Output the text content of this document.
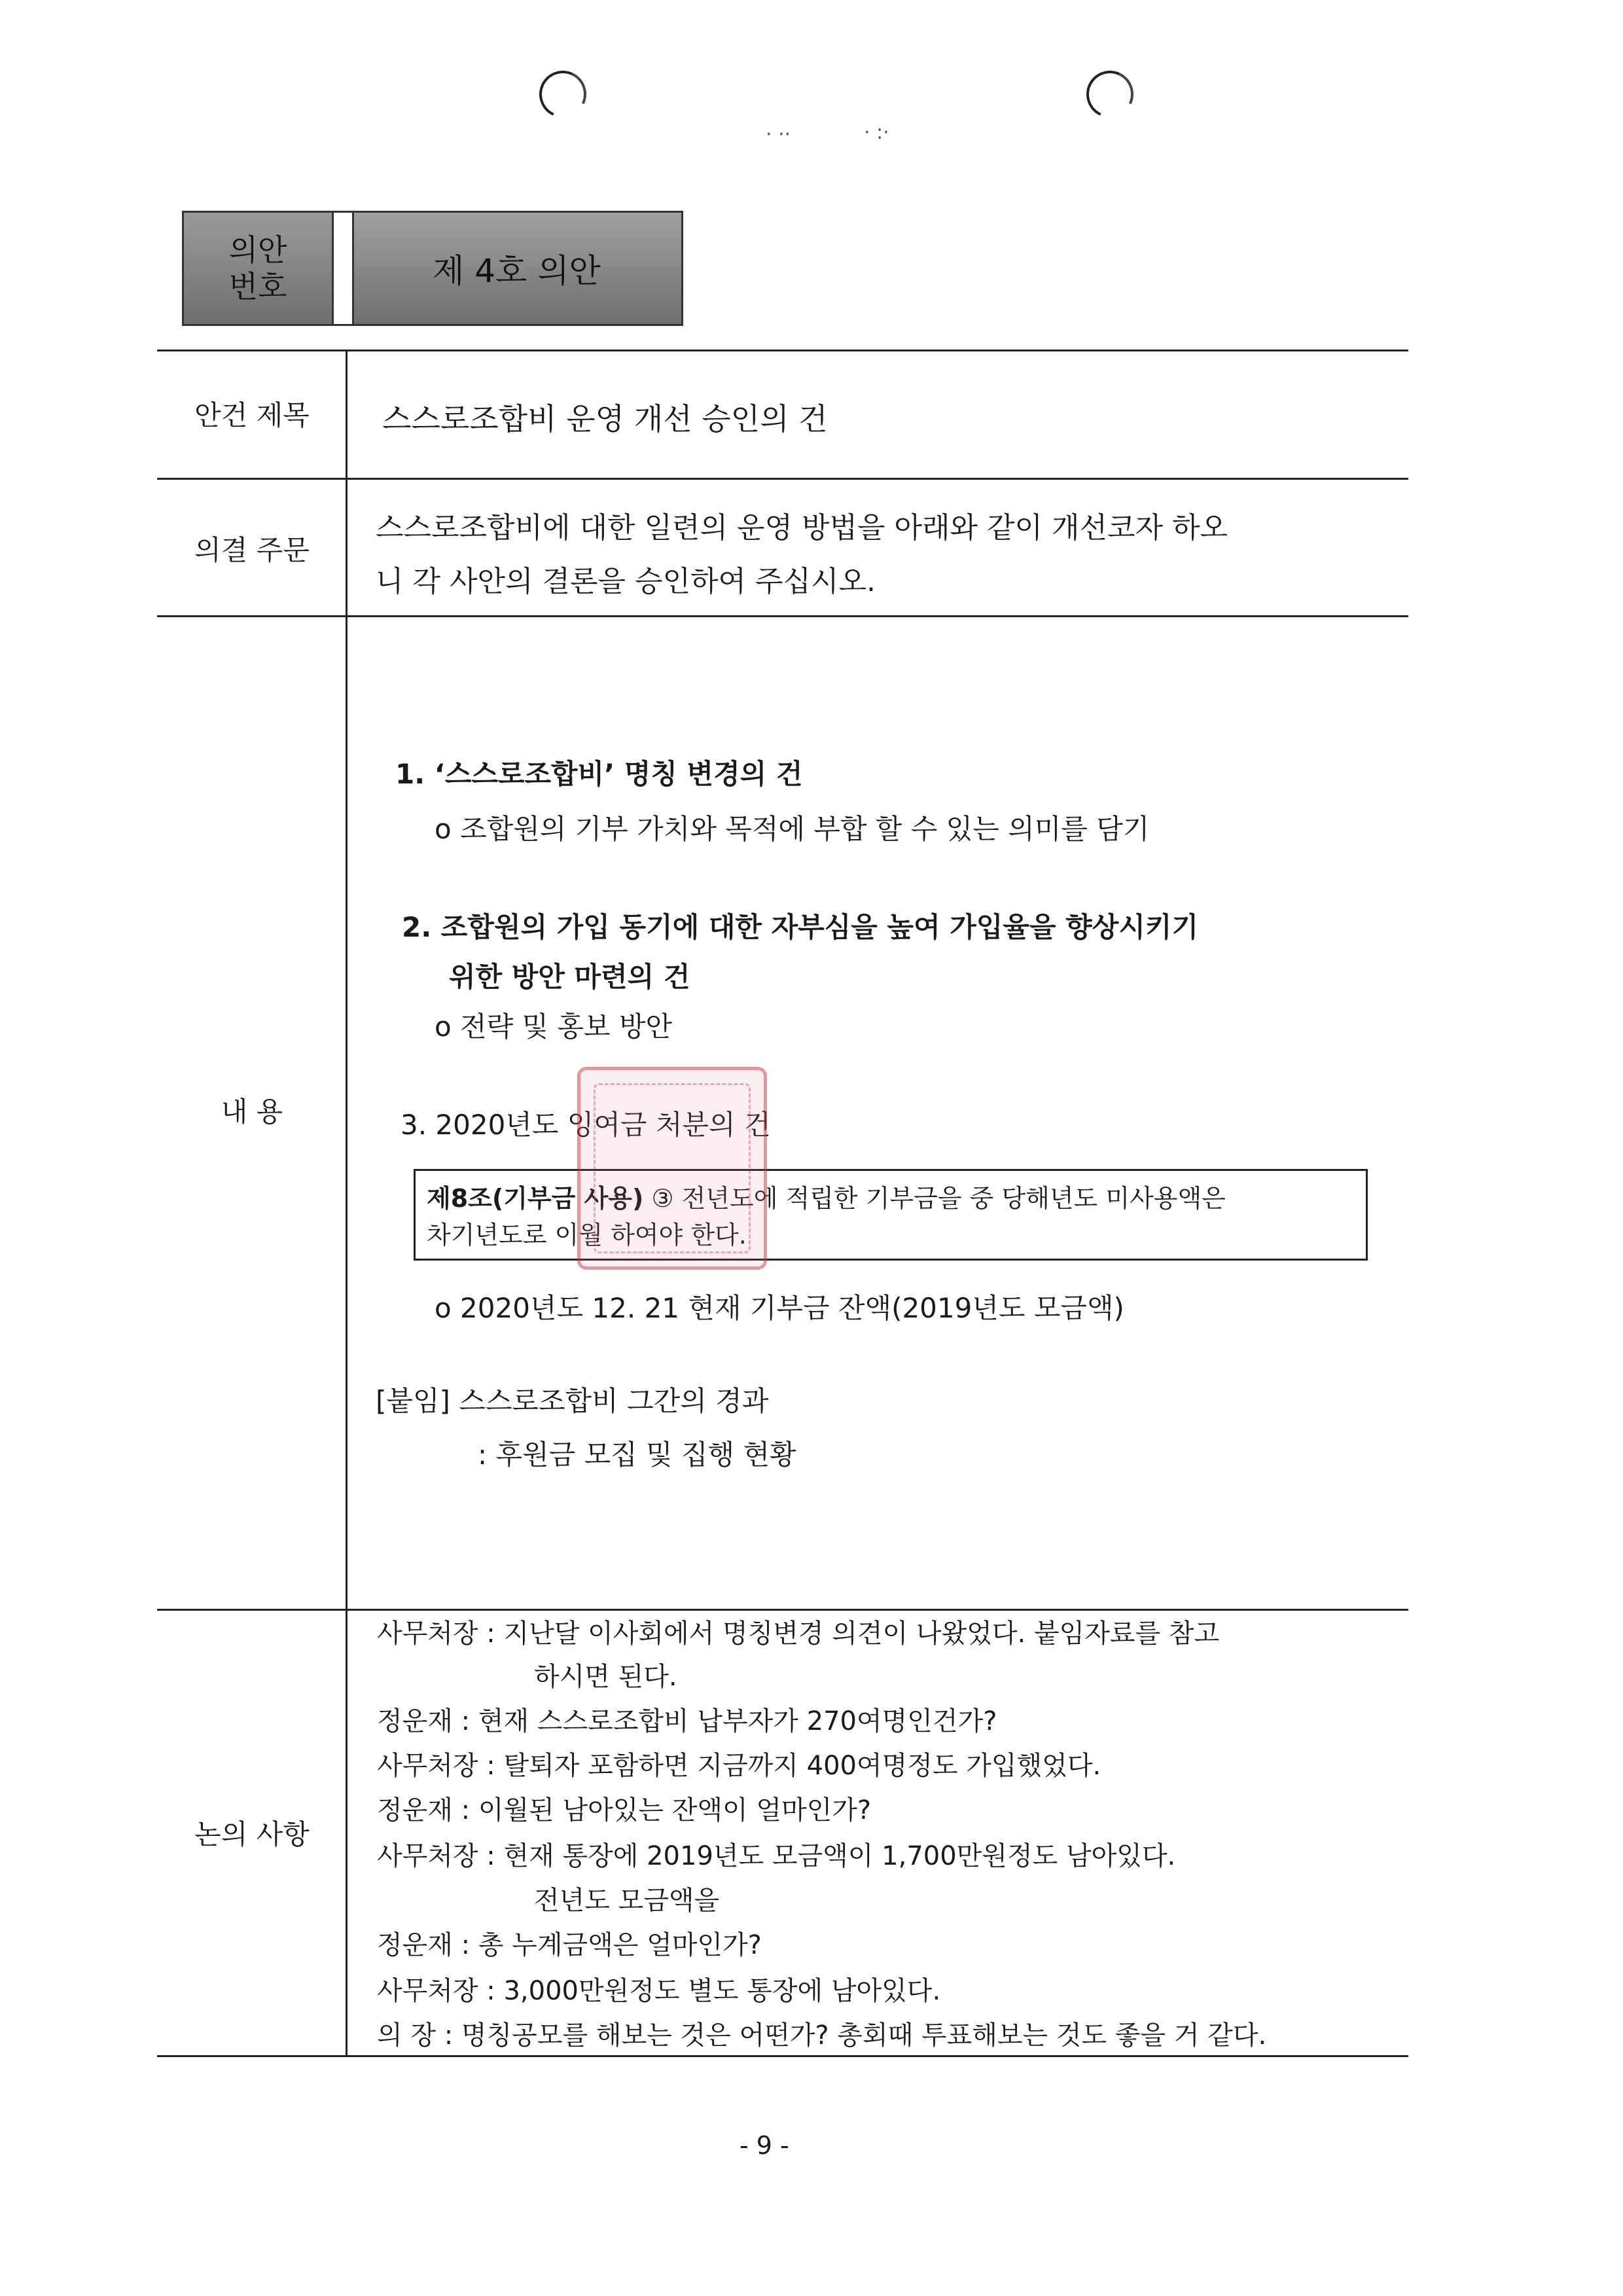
· ··	· :·
의안
번호	제 4호 의안
안건 제목
의결 주문
내 용
논의 사항
스스로조합비 운영 개선 승인의 건
스스로조합비에 대한 일련의 운영 방법을 아래와 같이 개선코자 하오
니 각 사안의 결론을 승인하여 주십시오.
1. ‘스스로조합비’ 명칭 변경의 건
o 조합원의 기부 가치와 목적에 부합 할 수 있는 의미를 담기
2. 조합원의 가입 동기에 대한 자부심을 높여 가입율을 향상시키기
위한 방안 마련의 건
o 전략 및 홍보 방안
3. 2020년도 잉여금 처분의 건
제8조(기부금 사용) ③ 전년도에 적립한 기부금을 중 당해년도 미사용액은
차기년도로 이월 하여야 한다.
o 2020년도 12. 21 현재 기부금 잔액(2019년도 모금액)
[붙임] 스스로조합비 그간의 경과
: 후원금 모집 및 집행 현황
사무처장 : 지난달 이사회에서 명칭변경 의견이 나왔었다. 붙임자료를 참고
하시면 된다.
정운재 : 현재 스스로조합비 납부자가 270여명인건가?
사무처장 : 탈퇴자 포함하면 지금까지 400여명정도 가입했었다.
정운재 : 이월된 남아있는 잔액이 얼마인가?
사무처장 : 현재 통장에 2019년도 모금액이 1,700만원정도 남아있다.
전년도 모금액을
정운재 : 총 누계금액은 얼마인가?
사무처장 : 3,000만원정도 별도 통장에 남아있다.
의 장 : 명칭공모를 해보는 것은 어떤가? 총회때 투표해보는 것도 좋을 거 같다.
- 9 -
